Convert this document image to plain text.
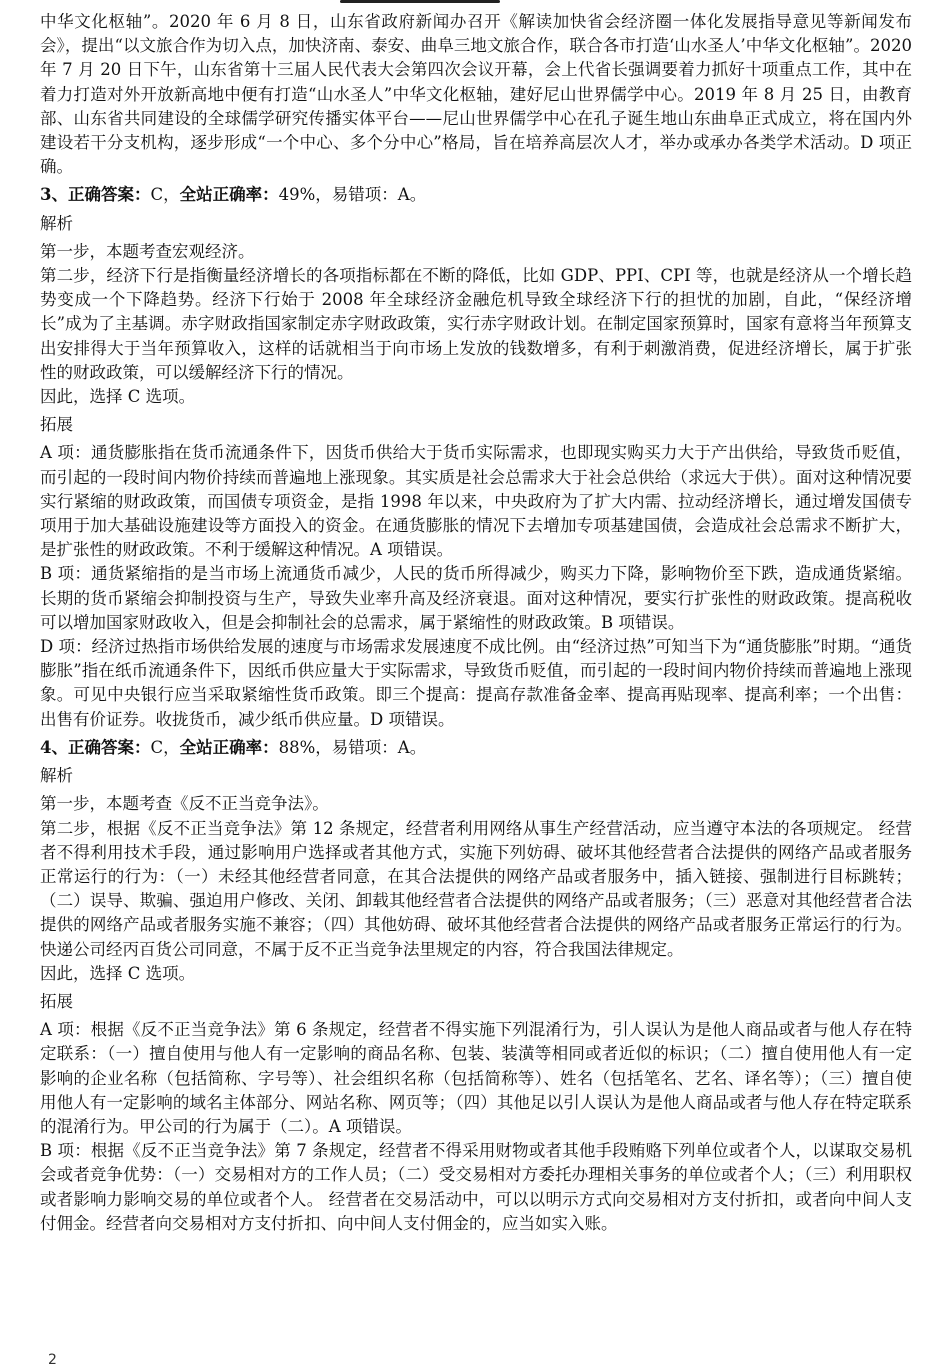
中华文化枢轴”。2020 年 6 月 8 日，山东省政府新闻办召开《解读加快省会经济圈一体化发展指导意见等新闻发布会》，提出“以文旅合作为切入点，加快济南、泰安、曲阜三地文旅合作，联合各市打造‘山水圣人’中华文化枢轴”。2020 年 7 月 20 日下午，山东省第十三届人民代表大会第四次会议开幕，会上代省长强调要着力抓好十项重点工作，其中在着力打造对外开放新高地中便有打造“山水圣人”中华文化枢轴，建好尼山世界儒学中心。2019 年 8 月 25 日，由教育部、山东省共同建设的全球儒学研究传播实体平台——尼山世界儒学中心在孔子诞生地山东曲阜正式成立，将在国内外建设若干分支机构，逐步形成“一个中心、多个分中心”格局，旨在培养高层次人才，举办或承办各类学术活动。D 项正确。

3、正确答案：C，全站正确率：49%，易错项：A。
解析

第一步，本题考查宏观经济。

第二步，经济下行是指衡量经济增长的各项指标都在不断的降低，比如 GDP、PPI、CPI 等，也就是经济从一个增长趋势变成一个下降趋势。经济下行始于 2008 年全球经济金融危机导致全球经济下行的担忧的加剧，自此，“保经济增长”成为了主基调。赤字财政指国家制定赤字财政政策，实行赤字财政计划。在制定国家预算时，国家有意将当年预算支出安排得大于当年预算收入，这样的话就相当于向市场上发放的钱数增多，有利于刺激消费，促进经济增长，属于扩张性的财政政策，可以缓解经济下行的情况。

因此，选择 C 选项。

拓展

A 项：通货膨胀指在货币流通条件下，因货币供给大于货币实际需求，也即现实购买力大于产出供给，导致货币贬值，而引起的一段时间内物价持续而普遍地上涨现象。其实质是社会总需求大于社会总供给（求远大于供）。面对这种情况要实行紧缩的财政政策，而国债专项资金，是指 1998 年以来，中央政府为了扩大内需、拉动经济增长，通过增发国债专项用于加大基础设施建设等方面投入的资金。在通货膨胀的情况下去增加专项基建国债，会造成社会总需求不断扩大，是扩张性的财政政策。不利于缓解这种情况。A 项错误。

B 项：通货紧缩指的是当市场上流通货币减少，人民的货币所得减少，购买力下降，影响物价至下跌，造成通货紧缩。长期的货币紧缩会抑制投资与生产，导致失业率升高及经济衰退。面对这种情况，要实行扩张性的财政政策。提高税收可以增加国家财政收入，但是会抑制社会的总需求，属于紧缩性的财政政策。B 项错误。

D 项：经济过热指市场供给发展的速度与市场需求发展速度不成比例。由“经济过热”可知当下为“通货膨胀”时期。“通货膨胀”指在纸币流通条件下，因纸币供应量大于实际需求，导致货币贬值，而引起的一段时间内物价持续而普遍地上涨现象。可见中央银行应当采取紧缩性货币政策。即三个提高：提高存款准备金率、提高再贴现率、提高利率；一个出售：出售有价证券。收拢货币，减少纸币供应量。D 项错误。

4、正确答案：C，全站正确率：88%，易错项：A。
解析

第一步，本题考查《反不正当竞争法》。

第二步，根据《反不正当竞争法》第 12 条规定，经营者利用网络从事生产经营活动，应当遵守本法的各项规定。 经营者不得利用技术手段，通过影响用户选择或者其他方式，实施下列妨碍、破坏其他经营者合法提供的网络产品或者服务正常运行的行为：（一）未经其他经营者同意，在其合法提供的网络产品或者服务中，插入链接、强制进行目标跳转；（二）误导、欺骗、强迫用户修改、关闭、卸载其他经营者合法提供的网络产品或者服务；（三）恶意对其他经营者合法提供的网络产品或者服务实施不兼容；（四）其他妨碍、破坏其他经营者合法提供的网络产品或者服务正常运行的行为。快递公司经丙百货公司同意，不属于反不正当竞争法里规定的内容，符合我国法律规定。

因此，选择 C 选项。

拓展

A 项：根据《反不正当竞争法》第 6 条规定，经营者不得实施下列混淆行为，引人误认为是他人商品或者与他人存在特定联系：（一）擅自使用与他人有一定影响的商品名称、包装、装潢等相同或者近似的标识；（二）擅自使用他人有一定影响的企业名称（包括简称、字号等）、社会组织名称（包括简称等）、姓名（包括笔名、艺名、译名等）；（三）擅自使用他人有一定影响的域名主体部分、网站名称、网页等；（四）其他足以引人误认为是他人商品或者与他人存在特定联系的混淆行为。甲公司的行为属于（二）。A 项错误。

B 项：根据《反不正当竞争法》第 7 条规定，经营者不得采用财物或者其他手段贿赂下列单位或者个人，以谋取交易机会或者竞争优势：（一）交易相对方的工作人员；（二）受交易相对方委托办理相关事务的单位或者个人；（三）利用职权或者影响力影响交易的单位或者个人。 经营者在交易活动中，可以以明示方式向交易相对方支付折扣，或者向中间人支付佣金。经营者向交易相对方支付折扣、向中间人支付佣金的，应当如实入账。

2
